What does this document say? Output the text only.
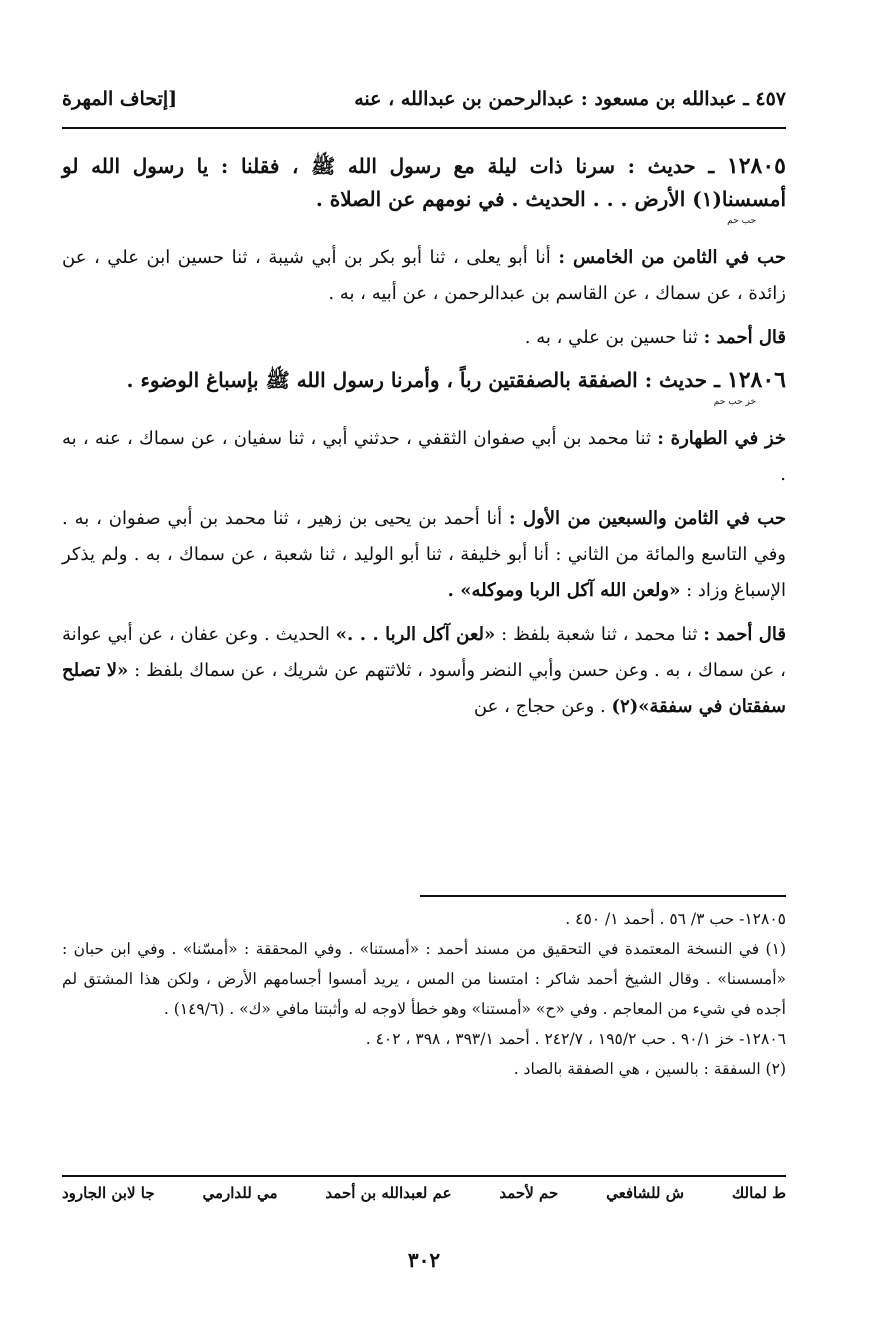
٤٥٧ ـ عبدالله بن مسعود : عبدالرحمن بن عبدالله ، عنه
[إتحاف المهرة
١٢٨٠٥ ـ حديث : سرنا ذات ليلة مع رسول الله ﷺ ، فقلنا : يا رسول الله لو أمسسنا(١) الأرض . . . الحديث . في نومهم عن الصلاة .
حب حم

حب في الثامن من الخامس : أنا أبو يعلى ، ثنا أبو بكر بن أبي شيبة ، ثنا حسين ابن علي ، عن زائدة ، عن سماك ، عن القاسم بن عبدالرحمن ، عن أبيه ، به .

قال أحمد : ثنا حسين بن علي ، به .

١٢٨٠٦ ـ حديث : الصفقة بالصفقتين رباً ، وأمرنا رسول الله ﷺ بإسباغ الوضوء .
خز حب حم

خز في الطهارة : ثنا محمد بن أبي صفوان الثقفي ، حدثني أبي ، ثنا سفيان ، عن سماك ، عنه ، به .

حب في الثامن والسبعين من الأول : أنا أحمد بن يحيى بن زهير ، ثنا محمد بن أبي صفوان ، به . وفي التاسع والمائة من الثاني : أنا أبو خليفة ، ثنا أبو الوليد ، ثنا شعبة ، عن سماك ، به . ولم يذكر الإسباغ وزاد : «ولعن الله آكل الربا وموكله» .

قال أحمد : ثنا محمد ، ثنا شعبة بلفظ : «لعن آكل الربا . . .» الحديث . وعن عفان ، عن أبي عوانة ، عن سماك ، به . وعن حسن وأبي النضر وأسود ، ثلاثتهم عن شريك ، عن سماك بلفظ : «لا تصلح سفقتان في سفقة»(٢) . وعن حجاج ، عن

١٢٨٠٥- حب ٣/ ٥٦ . أحمد ١/ ٤٥٠ .

(١) في النسخة المعتمدة في التحقيق من مسند أحمد : «أمستنا» . وفي المحققة : «أمسّنا» . وفي ابن حبان : «أمسسنا» . وقال الشيخ أحمد شاكر : امتسنا من المس ، يريد أمسوا أجسامهم الأرض ، ولكن هذا المشتق لم أجده في شيء من المعاجم . وفي «ح» «أمستنا» وهو خطأ لاوجه له وأثبتنا مافي «ك» . (١٤٩/٦) .

١٢٨٠٦- خز ٩٠/١ . حب ١٩٥/٢ ، ٢٤٢/٧ . أحمد ٣٩٣/١ ، ٣٩٨ ، ٤٠٢ .

(٢) السفقة : بالسين ، هي الصفقة بالصاد .

ط لمالك
ش للشافعي
حم لأحمد
عم لعبدالله بن أحمد
مي للدارمي
جا لابن الجارود
٣٠٢
